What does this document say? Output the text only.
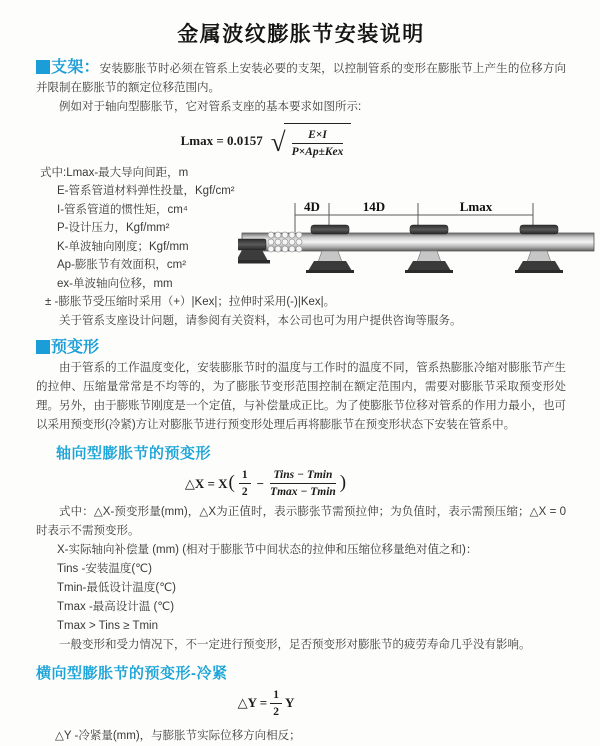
金属波纹膨胀节安装说明

支架：安装膨胀节时必须在管系上安装必要的支架，以控制管系的变形在膨胀节上产生的位移方向并限制在膨胀节的额定位移范围内。

例如对于轴向型膨胀节，它对管系支座的基本要求如图所示:

Lmax = 0.0157 √ $\frac{E\times I}{\text{P×Ap±Kex}}$

式中:Lmax-最大导向间距，m

E-管系管道材料弹性投量，Kgf/cm²

I-管系管道的惯性矩，cm⁴

P-设计压力，Kgf/mm²

K-单波轴向刚度；Kgf/mm

Ap-膨胀节有效面积，cm²

ex-单波轴向位移，mm

± -膨胀节受压缩时采用（+）|Kex|；拉伸时采用(-)|Kex|。

4D	14D	Lmax

关于管系支座设计问题，请参阅有关资料，本公司也可为用户提供咨询等服务。

预变形

由于管系的工作温度变化，安装膨胀节时的温度与工作时的温度不同，管系热膨胀冷缩对膨胀节产生的拉伸、压缩量常常是不均等的，为了膨胀节变形范围控制在额定范围内，需要对膨胀节采取预变形处理。另外，由于膨账节刚度是一个定值，与补偿量成正比。为了使膨胀节位移对管系的作用力最小，也可以采用预变形(冷紧)方让对膨胀节进行预变形处理后再将膨胀节在预变形状态下安装在管系中。

轴向型膨胀节的预变形
△X = X ( $\frac{1}{2} - \frac{\text{Tins − Tmin}}{Tmax - Tmin}$ )

式中：△X-预变形量(mm)，△X为正值时，表示膨张节需预拉伸；为负值时，表示需预压缩；△X = 0时表示不需预变形。

X-实际轴向补偿量 (mm) (相对于膨胀节中间状态的拉伸和压缩位移量绝对值之和)：

Tins -安装温度(℃)

Tmin-最低设计温度(℃)

Tmax -最高设计温 (℃)

Tmax > Tins ≥ Tmin

一般变形和受力情况下，不一定进行预变形，足否预变形对膨胀节的疲劳寿命几乎没有影响。

横向型膨胀节的预变形-冷紧
△Y = $\frac{1}{2}$ Y

△Y -冷紧量(mm)，与膨胀节实际位移方向相反；
